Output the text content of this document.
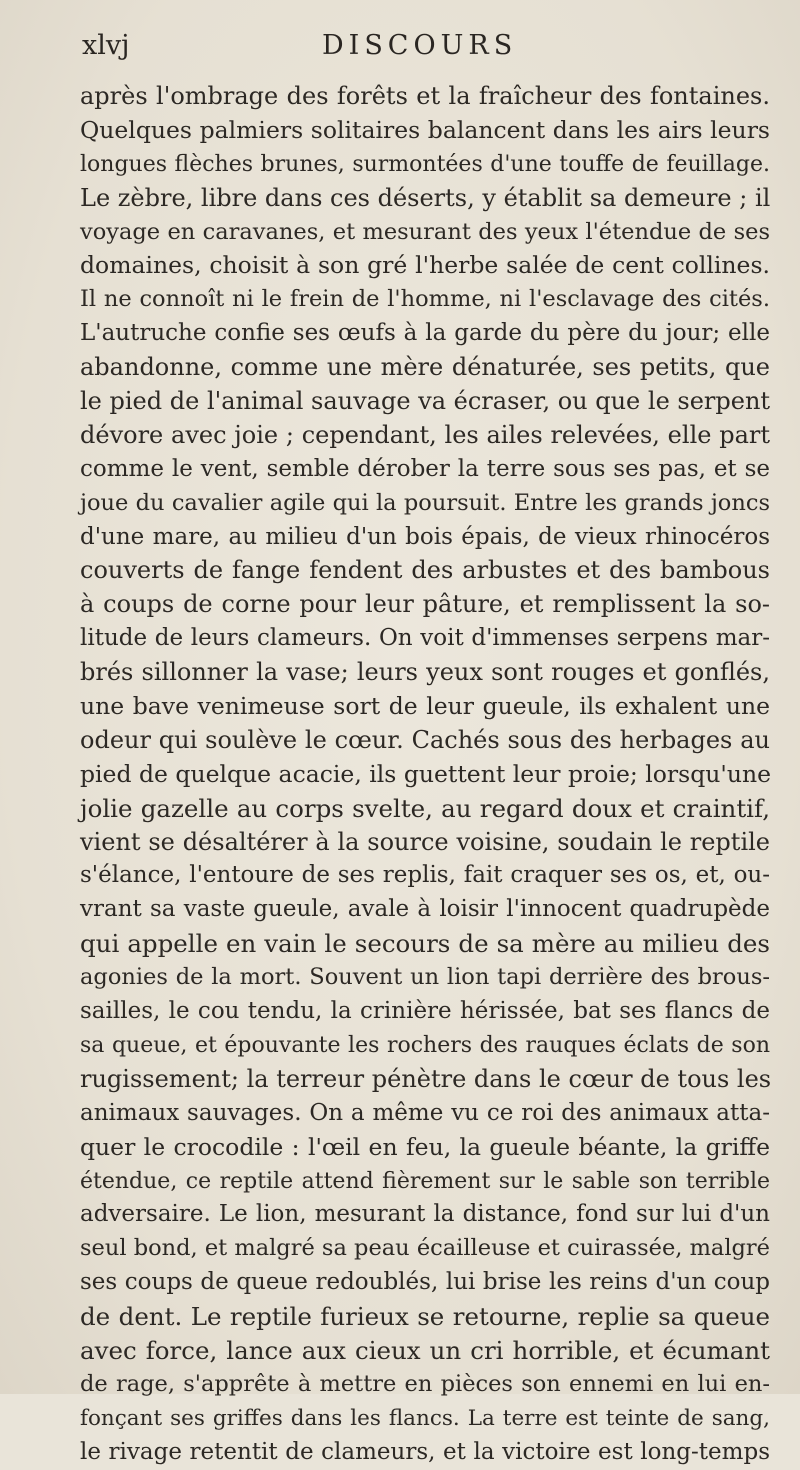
xlvj	DISCOURS
après l'ombrage des forêts et la fraîcheur des fontaines.
Quelques palmiers solitaires balancent dans les airs leurs
longues flèches brunes, surmontées d'une touffe de feuillage.
Le zèbre, libre dans ces déserts, y établit sa demeure ; il
voyage en caravanes, et mesurant des yeux l'étendue de ses
domaines, choisit à son gré l'herbe salée de cent collines.
Il ne connoît ni le frein de l'homme, ni l'esclavage des cités.
L'autruche confie ses œufs à la garde du père du jour; elle
abandonne, comme une mère dénaturée, ses petits, que
le pied de l'animal sauvage va écraser, ou que le serpent
dévore avec joie ; cependant, les ailes relevées, elle part
comme le vent, semble dérober la terre sous ses pas, et se
joue du cavalier agile qui la poursuit. Entre les grands joncs
d'une mare, au milieu d'un bois épais, de vieux rhinocéros
couverts de fange fendent des arbustes et des bambous
à coups de corne pour leur pâture, et remplissent la so-
litude de leurs clameurs. On voit d'immenses serpens mar-
brés sillonner la vase; leurs yeux sont rouges et gonflés,
une bave venimeuse sort de leur gueule, ils exhalent une
odeur qui soulève le cœur. Cachés sous des herbages au
pied de quelque acacie, ils guettent leur proie; lorsqu'une
jolie gazelle au corps svelte, au regard doux et craintif,
vient se désaltérer à la source voisine, soudain le reptile
s'élance, l'entoure de ses replis, fait craquer ses os, et, ou-
vrant sa vaste gueule, avale à loisir l'innocent quadrupède
qui appelle en vain le secours de sa mère au milieu des
agonies de la mort. Souvent un lion tapi derrière des brous-
sailles, le cou tendu, la crinière hérissée, bat ses flancs de
sa queue, et épouvante les rochers des rauques éclats de son
rugissement; la terreur pénètre dans le cœur de tous les
animaux sauvages. On a même vu ce roi des animaux atta-
quer le crocodile : l'œil en feu, la gueule béante, la griffe
étendue, ce reptile attend fièrement sur le sable son terrible
adversaire. Le lion, mesurant la distance, fond sur lui d'un
seul bond, et malgré sa peau écailleuse et cuirassée, malgré
ses coups de queue redoublés, lui brise les reins d'un coup
de dent. Le reptile furieux se retourne, replie sa queue
avec force, lance aux cieux un cri horrible, et écumant
de rage, s'apprête à mettre en pièces son ennemi en lui en-
fonçant ses griffes dans les flancs. La terre est teinte de sang,
le rivage retentit de clameurs, et la victoire est long-temps
